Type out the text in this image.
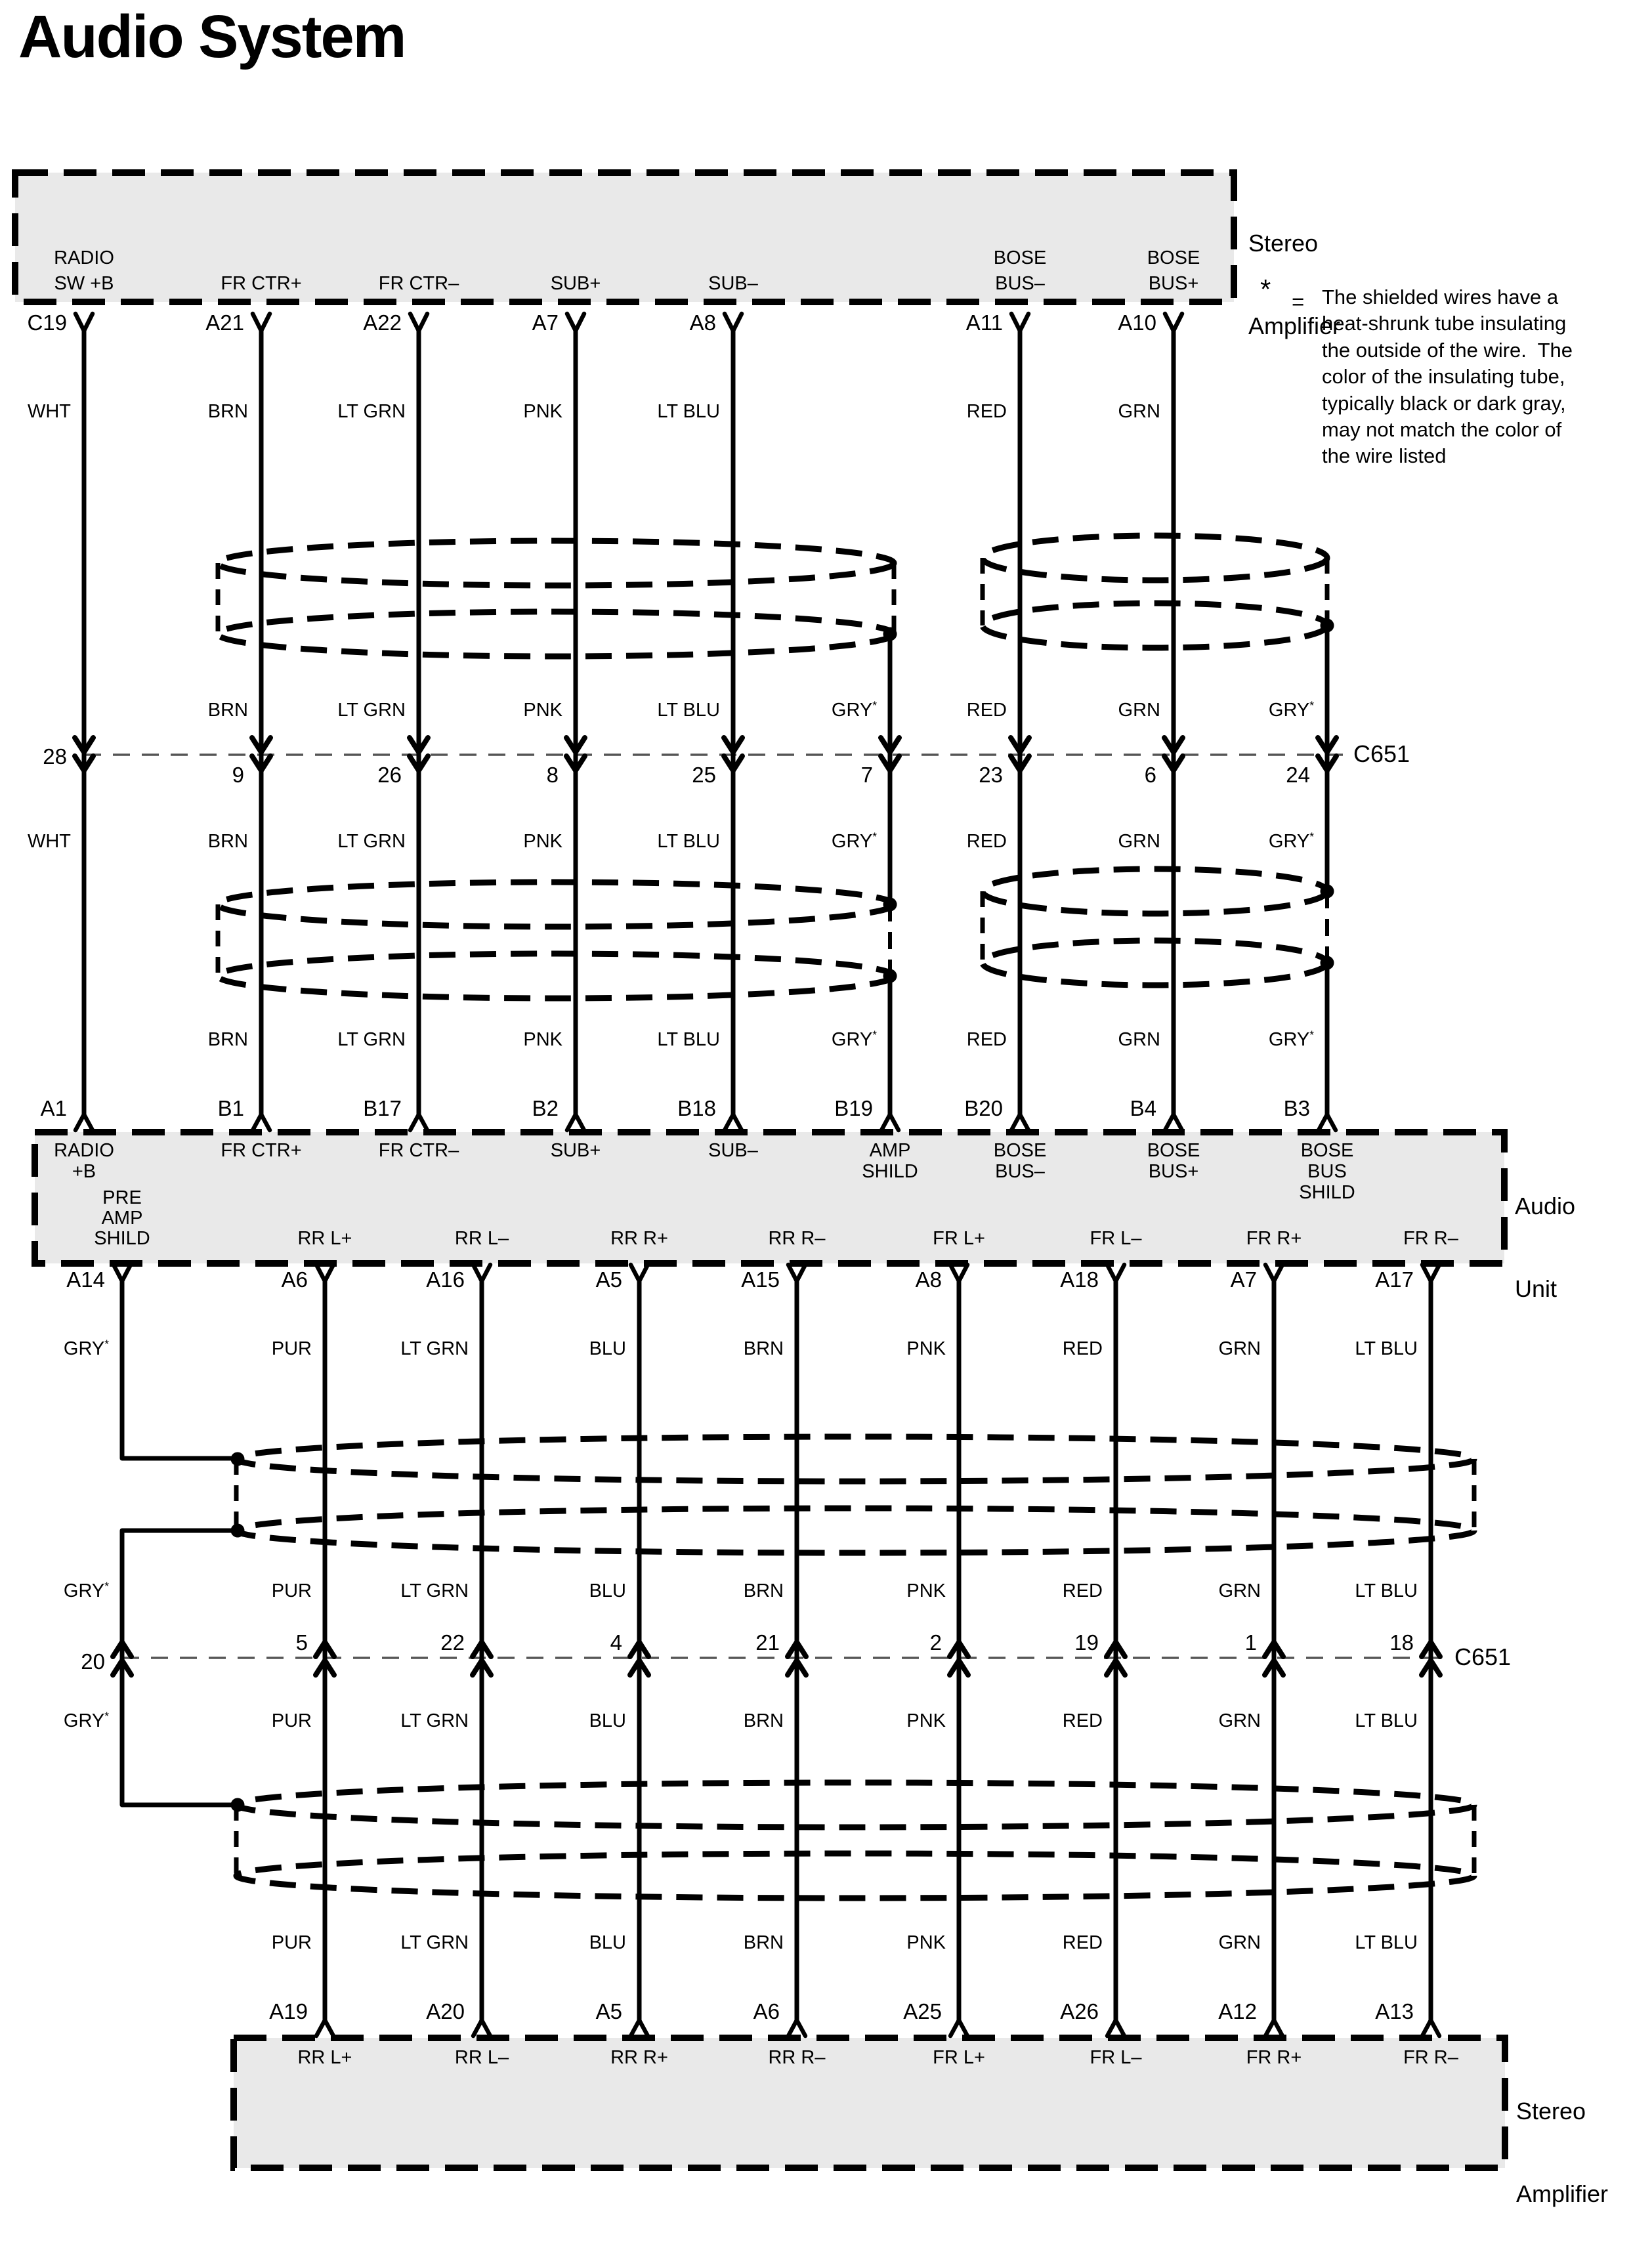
Audio System

Stereo

Amplifier

Audio

Unit

Stereo

Amplifier

C651
C651
* = The shielded wires have a
heat-shrunk tube insulating
the outside of the wire.  The
color of the insulating tube,
typically black or dark gray,
may not match the color of
the wire listed
C19
RADIO
SW +B
WHT
WHT
28
A1
RADIO
+B
A21
FR CTR+
BRN
BRN
BRN
BRN
9
B1
FR CTR+
A22
FR CTR–
LT GRN
LT GRN
LT GRN
LT GRN
26
B17
FR CTR–
A7
SUB+
PNK
PNK
PNK
PNK
8
B2
SUB+
A8
SUB–
LT BLU
LT BLU
LT BLU
LT BLU
25
B18
SUB–
GRY*
GRY*
GRY*
7
B19
AMP
SHILD
A11
BOSE
BUS–
RED
RED
RED
RED
23
B20
BOSE
BUS–
A10
BOSE
BUS+
GRN
GRN
GRN
GRN
6
B4
BOSE
BUS+
GRY*
GRY*
GRY*
24
B3
BOSE
BUS
SHILD
A14
PRE
AMP
SHILD
GRY*
GRY*
GRY*
20
A6
RR L+
PUR
PUR
PUR
PUR
5
A19
RR L+
A16
RR L–
LT GRN
LT GRN
LT GRN
LT GRN
22
A20
RR L–
A5
RR R+
BLU
BLU
BLU
BLU
4
A5
RR R+
A15
RR R–
BRN
BRN
BRN
BRN
21
A6
RR R–
A8
FR L+
PNK
PNK
PNK
PNK
2
A25
FR L+
A18
FR L–
RED
RED
RED
RED
19
A26
FR L–
A7
FR R+
GRN
GRN
GRN
GRN
1
A12
FR R+
A17
FR R–
LT BLU
LT BLU
LT BLU
LT BLU
18
A13
FR R–
